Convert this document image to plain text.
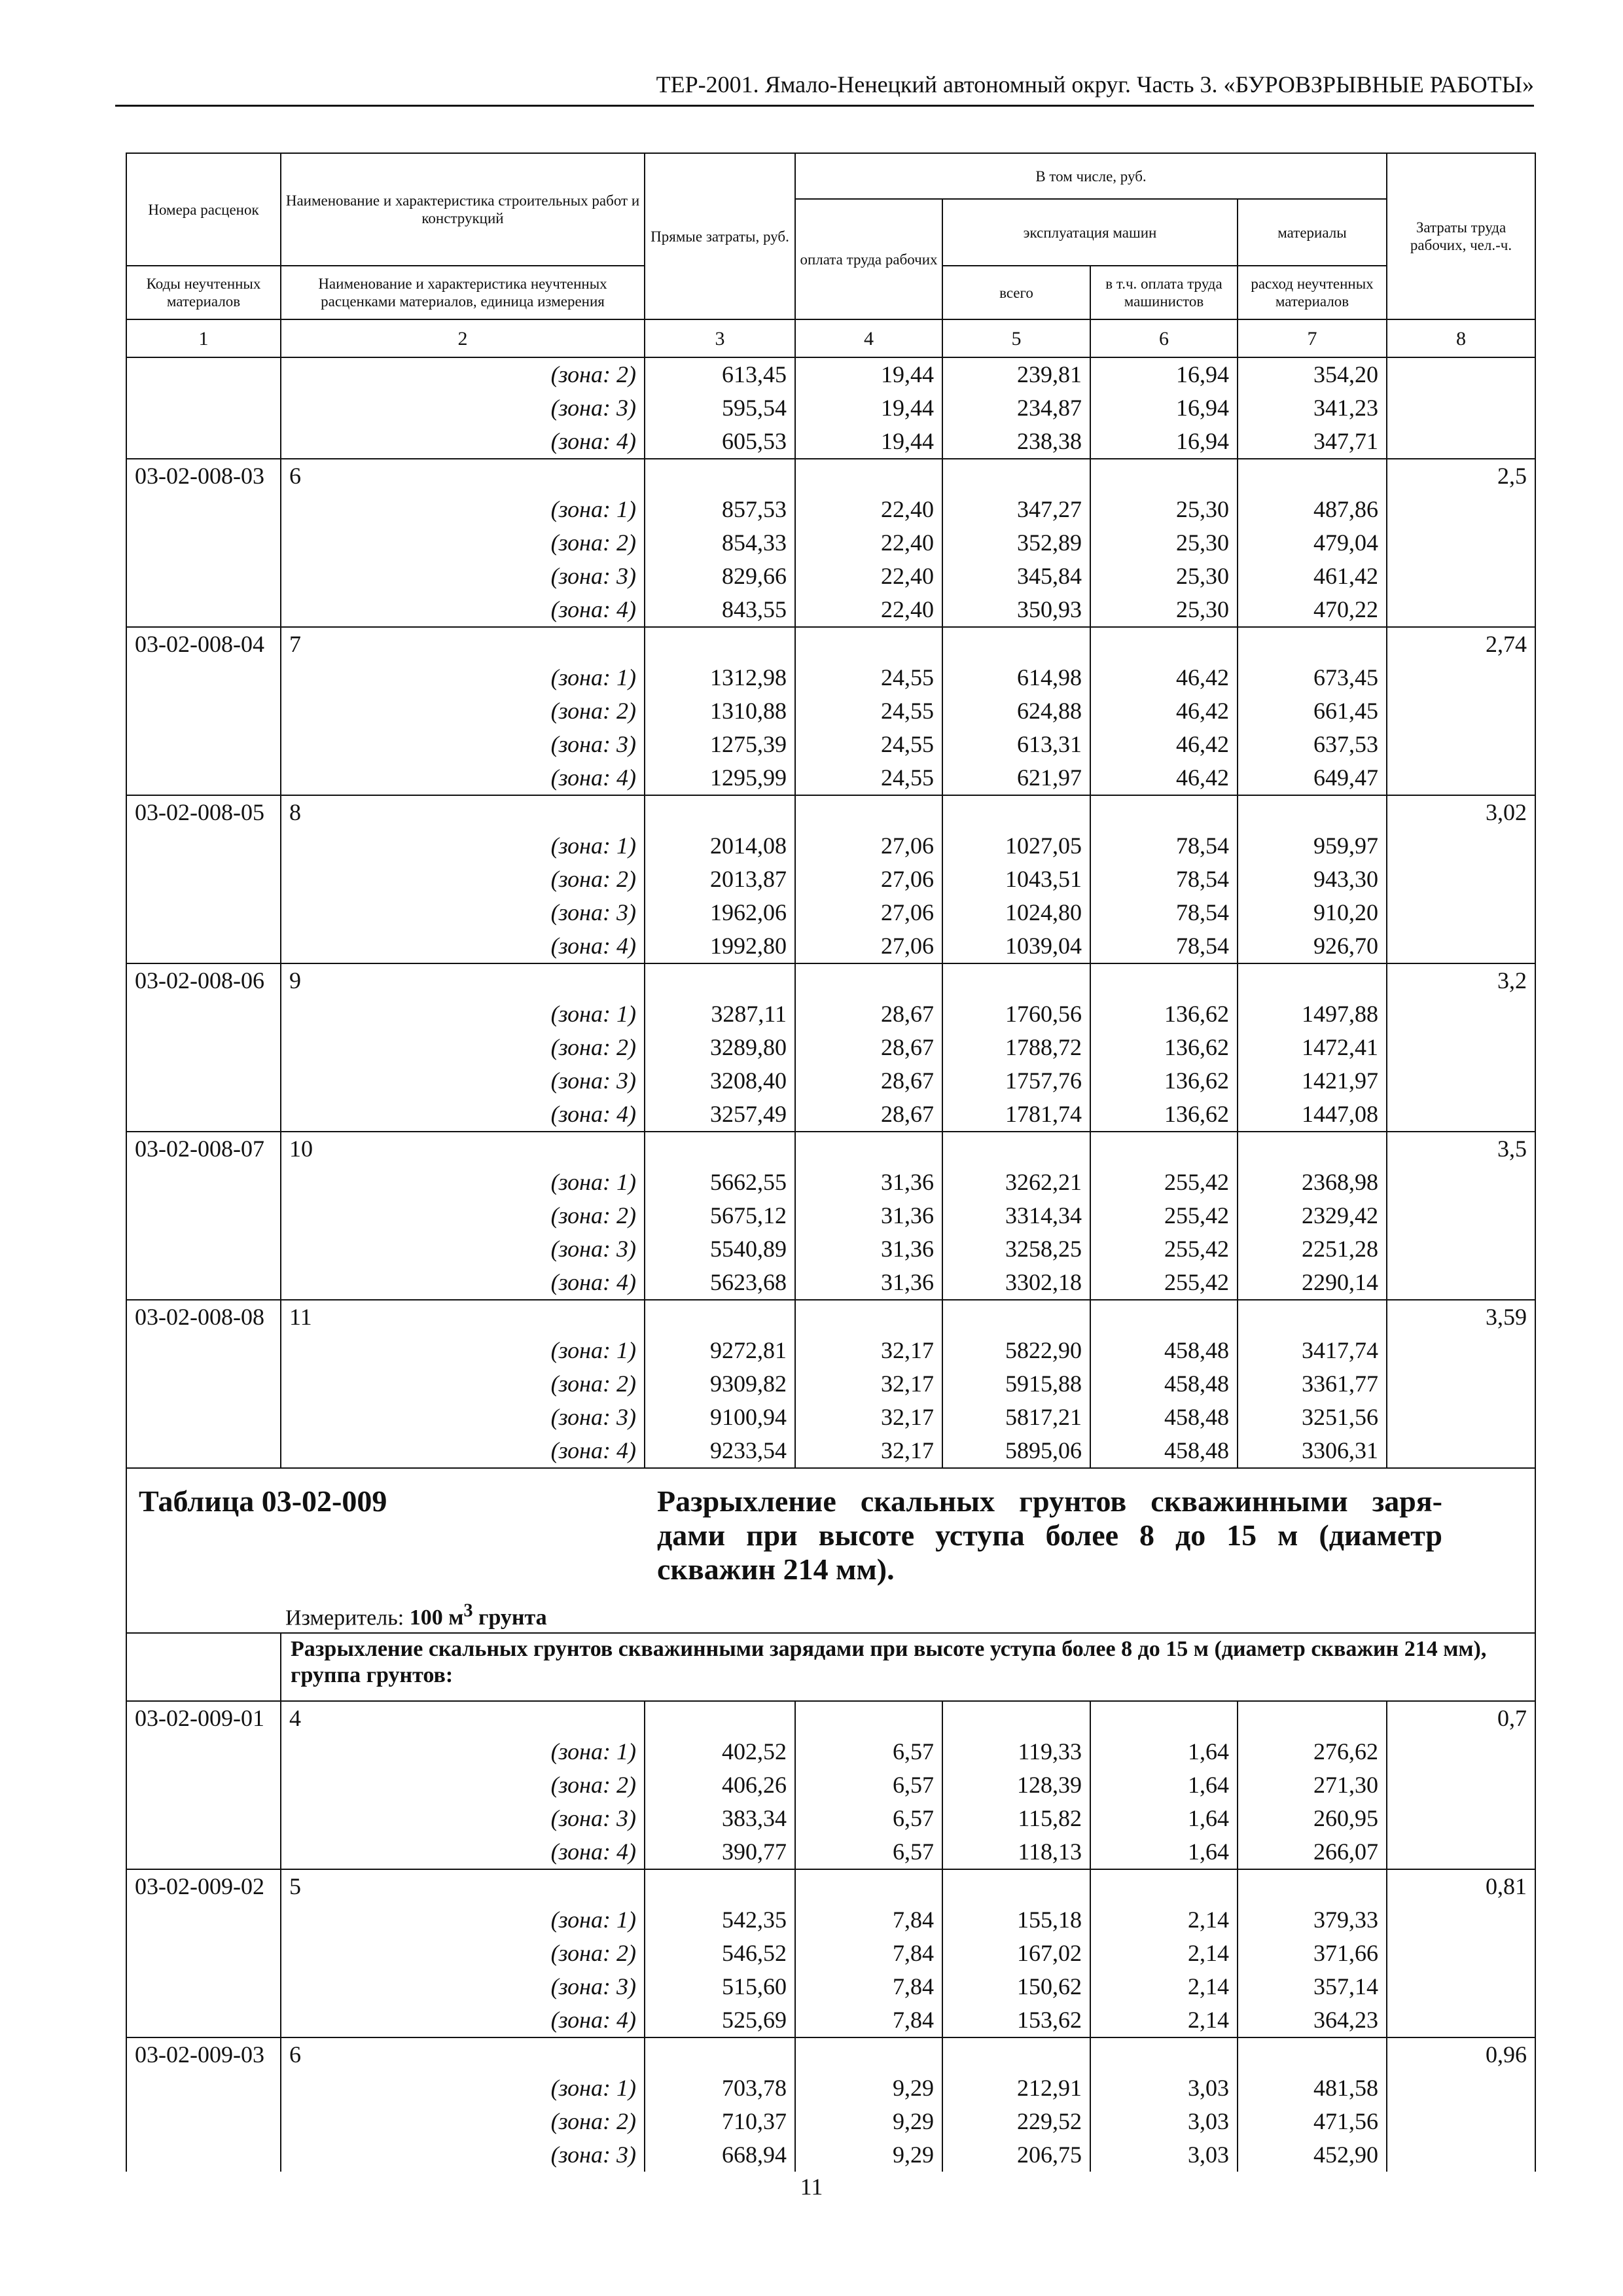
ТЕР-2001. Ямало-Ненецкий автономный округ. Часть 3. «БУРОВЗРЫВНЫЕ РАБОТЫ»
Номера расценок	Наименование и характеристика строительных работ и конструкций	Прямые затраты, руб.	В том числе, руб.				Затраты труда рабочих, чел.-ч.
			оплата труда рабочих	эксплуатация машин		материалы	
Коды неучтенных материалов	Наименование и характеристика неучтенных расценками материалов, единица измерения			всего	в т.ч. оплата труда машинистов	расход неучтенных материалов	
1	2	3	4	5	6	7	8
	(зона: 2)	613,45	19,44	239,81	16,94	354,20	
	(зона: 3)	595,54	19,44	234,87	16,94	341,23	
	(зона: 4)	605,53	19,44	238,38	16,94	347,71	
03-02-008-03	6						2,5
	(зона: 1)	857,53	22,40	347,27	25,30	487,86	
	(зона: 2)	854,33	22,40	352,89	25,30	479,04	
	(зона: 3)	829,66	22,40	345,84	25,30	461,42	
	(зона: 4)	843,55	22,40	350,93	25,30	470,22	
03-02-008-04	7						2,74
	(зона: 1)	1312,98	24,55	614,98	46,42	673,45	
	(зона: 2)	1310,88	24,55	624,88	46,42	661,45	
	(зона: 3)	1275,39	24,55	613,31	46,42	637,53	
	(зона: 4)	1295,99	24,55	621,97	46,42	649,47	
03-02-008-05	8						3,02
	(зона: 1)	2014,08	27,06	1027,05	78,54	959,97	
	(зона: 2)	2013,87	27,06	1043,51	78,54	943,30	
	(зона: 3)	1962,06	27,06	1024,80	78,54	910,20	
	(зона: 4)	1992,80	27,06	1039,04	78,54	926,70	
03-02-008-06	9						3,2
	(зона: 1)	3287,11	28,67	1760,56	136,62	1497,88	
	(зона: 2)	3289,80	28,67	1788,72	136,62	1472,41	
	(зона: 3)	3208,40	28,67	1757,76	136,62	1421,97	
	(зона: 4)	3257,49	28,67	1781,74	136,62	1447,08	
03-02-008-07	10						3,5
	(зона: 1)	5662,55	31,36	3262,21	255,42	2368,98	
	(зона: 2)	5675,12	31,36	3314,34	255,42	2329,42	
	(зона: 3)	5540,89	31,36	3258,25	255,42	2251,28	
	(зона: 4)	5623,68	31,36	3302,18	255,42	2290,14	
03-02-008-08	11						3,59
	(зона: 1)	9272,81	32,17	5822,90	458,48	3417,74	
	(зона: 2)	9309,82	32,17	5915,88	458,48	3361,77	
	(зона: 3)	9100,94	32,17	5817,21	458,48	3251,56	
	(зона: 4)	9233,54	32,17	5895,06	458,48	3306,31	

Таблица 03-02-009 Разрыхление скальных грунтов скважинными заря-дами при высоте уступа более 8 до 15 м (диаметр скважин 214 мм).
Измеритель: 100 $м^3$ грунта							

	Разрыхление скальных грунтов скважинными зарядами при высоте уступа более 8 до 15 м (диаметр скважин 214 мм), группа грунтов:						
03-02-009-01	4						0,7
	(зона: 1)	402,52	6,57	119,33	1,64	276,62	
	(зона: 2)	406,26	6,57	128,39	1,64	271,30	
	(зона: 3)	383,34	6,57	115,82	1,64	260,95	
	(зона: 4)	390,77	6,57	118,13	1,64	266,07	
03-02-009-02	5						0,81
	(зона: 1)	542,35	7,84	155,18	2,14	379,33	
	(зона: 2)	546,52	7,84	167,02	2,14	371,66	
	(зона: 3)	515,60	7,84	150,62	2,14	357,14	
	(зона: 4)	525,69	7,84	153,62	2,14	364,23	
03-02-009-03	6						0,96
	(зона: 1)	703,78	9,29	212,91	3,03	481,58	
	(зона: 2)	710,37	9,29	229,52	3,03	471,56	
	(зона: 3)	668,94	9,29	206,75	3,03	452,90	
11
